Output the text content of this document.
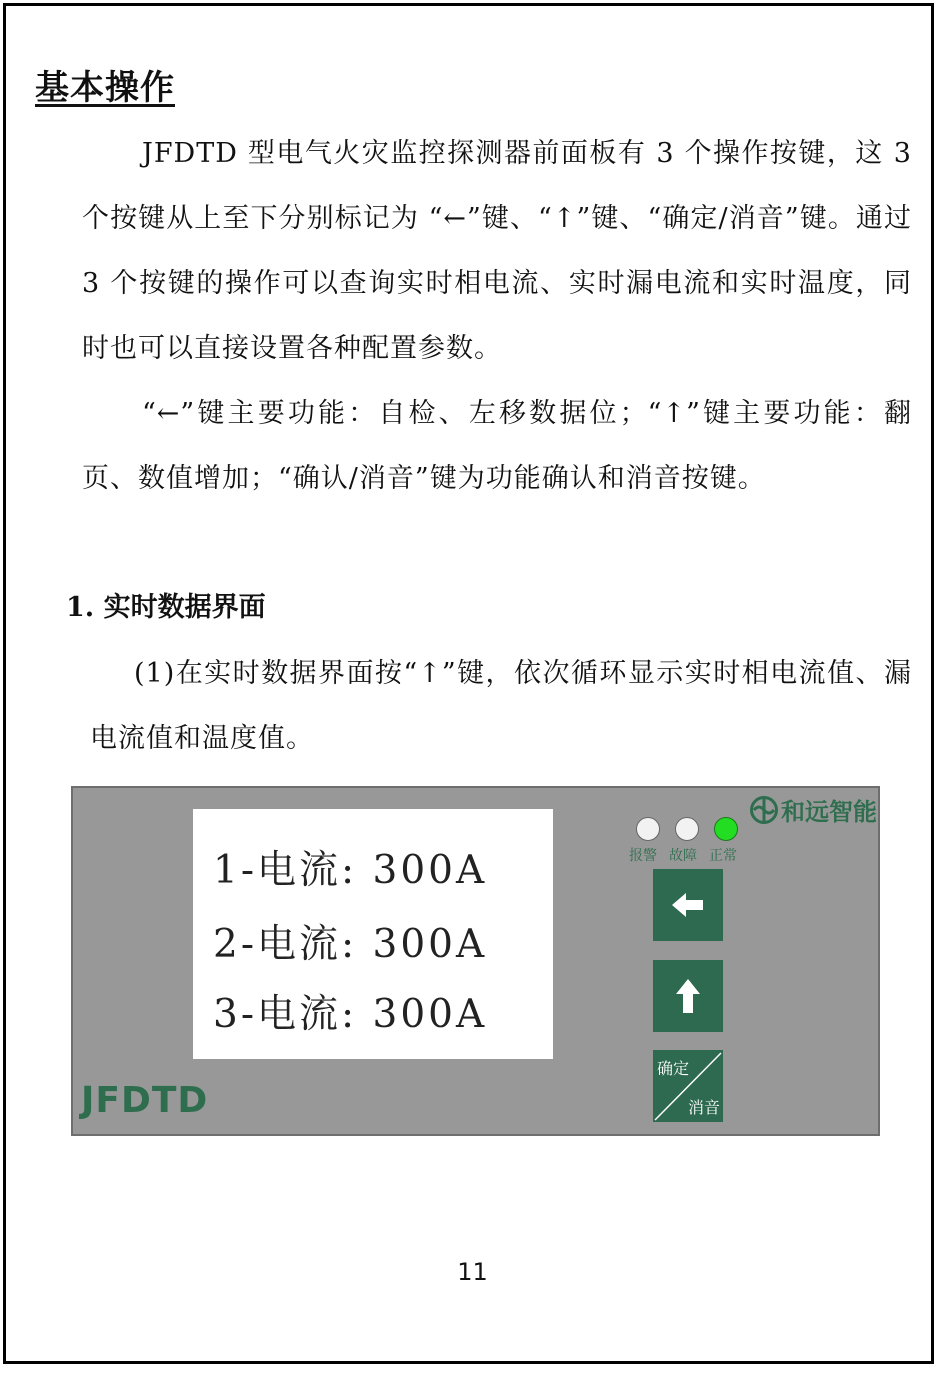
基本操作

JFDTD 型电气火灾监控探测器前面板有 3 个操作按键，这 3 个按键从上至下分别标记为 “←”键、“↑”键、“确定/消音”键。通过 3 个按键的操作可以查询实时相电流、实时漏电流和实时温度，同时也可以直接设置各种配置参数。

“←”键主要功能：自检、左移数据位；“↑”键主要功能：翻页、数值增加；“确认/消音”键为功能确认和消音按键。

1. 实时数据界面

(1)在实时数据界面按“↑”键，依次循环显示实时相电流值、漏电流值和温度值。

1-电流: 300A
2-电流: 300A
3-电流: 300A
JFDTD
和远智能
报警 故障 正常
确定
消音
11
